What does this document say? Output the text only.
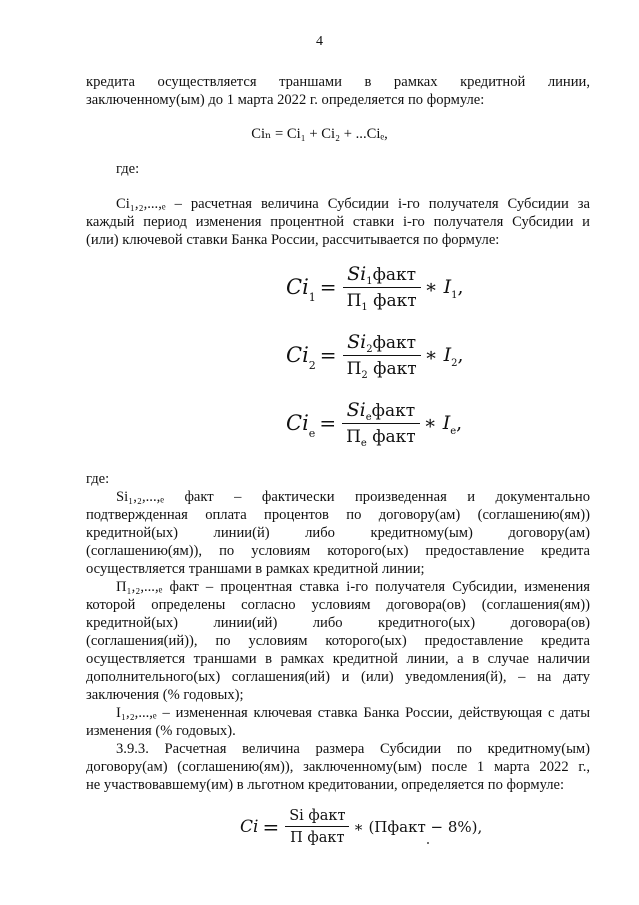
4
кредита осуществляется траншами в рамках кредитной линии,
заключенному(ым) до 1 марта 2022 г. определяется по формуле:
Ciₙ = Ci₁ + Ci₂ + ...Ciₑ,
где:
Ci₁,₂,...,ₑ – расчетная величина Субсидии i-го получателя Субсидии за
каждый период изменения процентной ставки i-го получателя Субсидии и
(или) ключевой ставки Банка России, рассчитывается по формуле:
$Ci_1 = \frac{Si_1факт}{П_1 факт}$ ∗ $I_1$,
$Ci_2 = \frac{Si_2факт}{П_2 факт}$ ∗ $I_2$,
$Ci_e = \frac{Si_eфакт}{П_e факт}$ ∗ $I_e$,
где:
Si₁,₂,...,ₑ факт – фактически произведенная и документально
подтвержденная оплата процентов по договору(ам) (соглашению(ям))
кредитной(ых) линии(й) либо кредитному(ым) договору(ам)
(соглашению(ям)), по условиям которого(ых) предоставление кредита
осуществляется траншами в рамках кредитной линии;
П₁,₂,...,ₑ факт – процентная ставка i-го получателя Субсидии, изменения
которой определены согласно условиям договора(ов) (соглашения(ям))
кредитной(ых) линии(ий) либо кредитного(ых) договора(ов)
(соглашения(ий)), по условиям которого(ых) предоставление кредита
осуществляется траншами в рамках кредитной линии, а в случае наличии
дополнительного(ых) соглашения(ий) и (или) уведомления(й), – на дату
заключения (% годовых);
I₁,₂,...,ₑ – измененная ключевая ставка Банка России, действующая с даты
изменения (% годовых).
3.9.3. Расчетная величина размера Субсидии по кредитному(ым)
договору(ам) (соглашению(ям)), заключенному(ым) после 1 марта 2022 г.,
не участвовавшему(им) в льготном кредитовании, определяется по формуле:
$Ci = \frac{\text{Si факт}}{\text{П факт}}$ ∗ (Пфакт − 8%),
